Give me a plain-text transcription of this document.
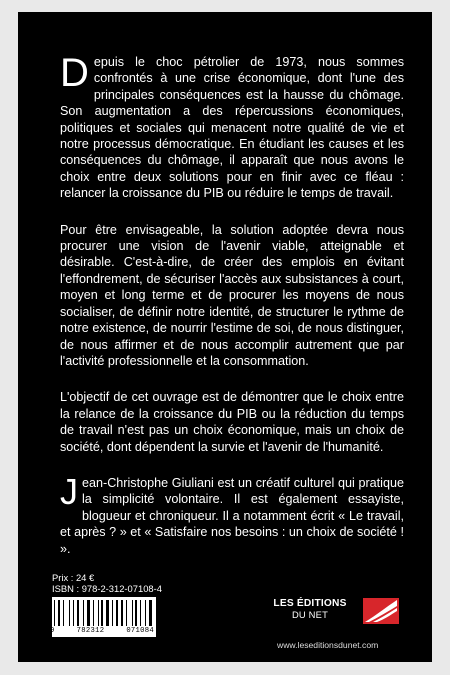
Depuis le choc pétrolier de 1973, nous sommes confrontés à une crise économique, dont l'une des principales conséquences est la hausse du chômage. Son augmentation a des répercussions économiques, politiques et sociales qui menacent notre qualité de vie et notre processus démocratique. En étudiant les causes et les conséquences du chômage, il apparaît que nous avons le choix entre deux solutions pour en finir avec ce fléau : relancer la croissance du PIB ou réduire le temps de travail.

Pour être envisageable, la solution adoptée devra nous procurer une vision de l'avenir viable, atteignable et désirable. C'est-à-dire, de créer des emplois en évitant l'effondrement, de sécuriser l'accès aux subsistances à court, moyen et long terme et de procurer les moyens de nous socialiser, de définir notre identité, de structurer le rythme de notre existence, de nourrir l'estime de soi, de nous distinguer, de nous affirmer et de nous accomplir autrement que par l'activité professionnelle et la consommation.

L'objectif de cet ouvrage est de démontrer que le choix entre la relance de la croissance du PIB ou la réduction du temps de travail n'est pas un choix économique, mais un choix de société, dont dépendent la survie et l'avenir de l'humanité.

Jean-Christophe Giuliani est un créatif culturel qui pratique la simplicité volontaire. Il est également essayiste, blogueur et chroniqueur. Il a notamment écrit « Le travail, et après ? » et « Satisfaire nos besoins : un choix de société ! ».

Prix : 24 €
ISBN : 978-2-312-07108-4
9	782312	071084
LES ÉDITIONS
DU NET
www.leseditionsdunet.com
